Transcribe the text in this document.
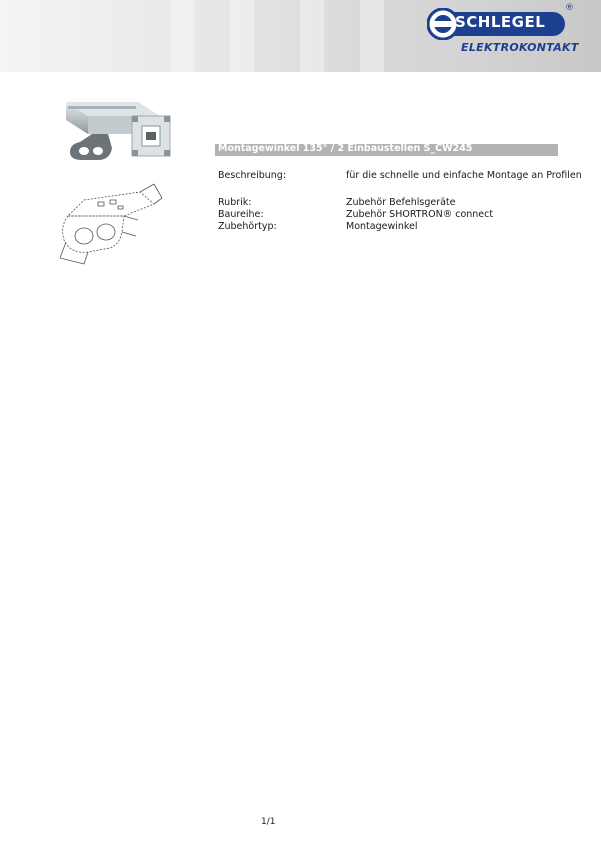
SCHLEGEL
®
ELEKTROKONTAKT
Montagewinkel 135° / 2 Einbaustellen S_CW245
Beschreibung:	für die schnelle und einfache Montage an Profilen
Rubrik:	Zubehör Befehlsgeräte
Baureihe:	Zubehör SHORTRON® connect
Zubehörtyp:	Montagewinkel
1/1
